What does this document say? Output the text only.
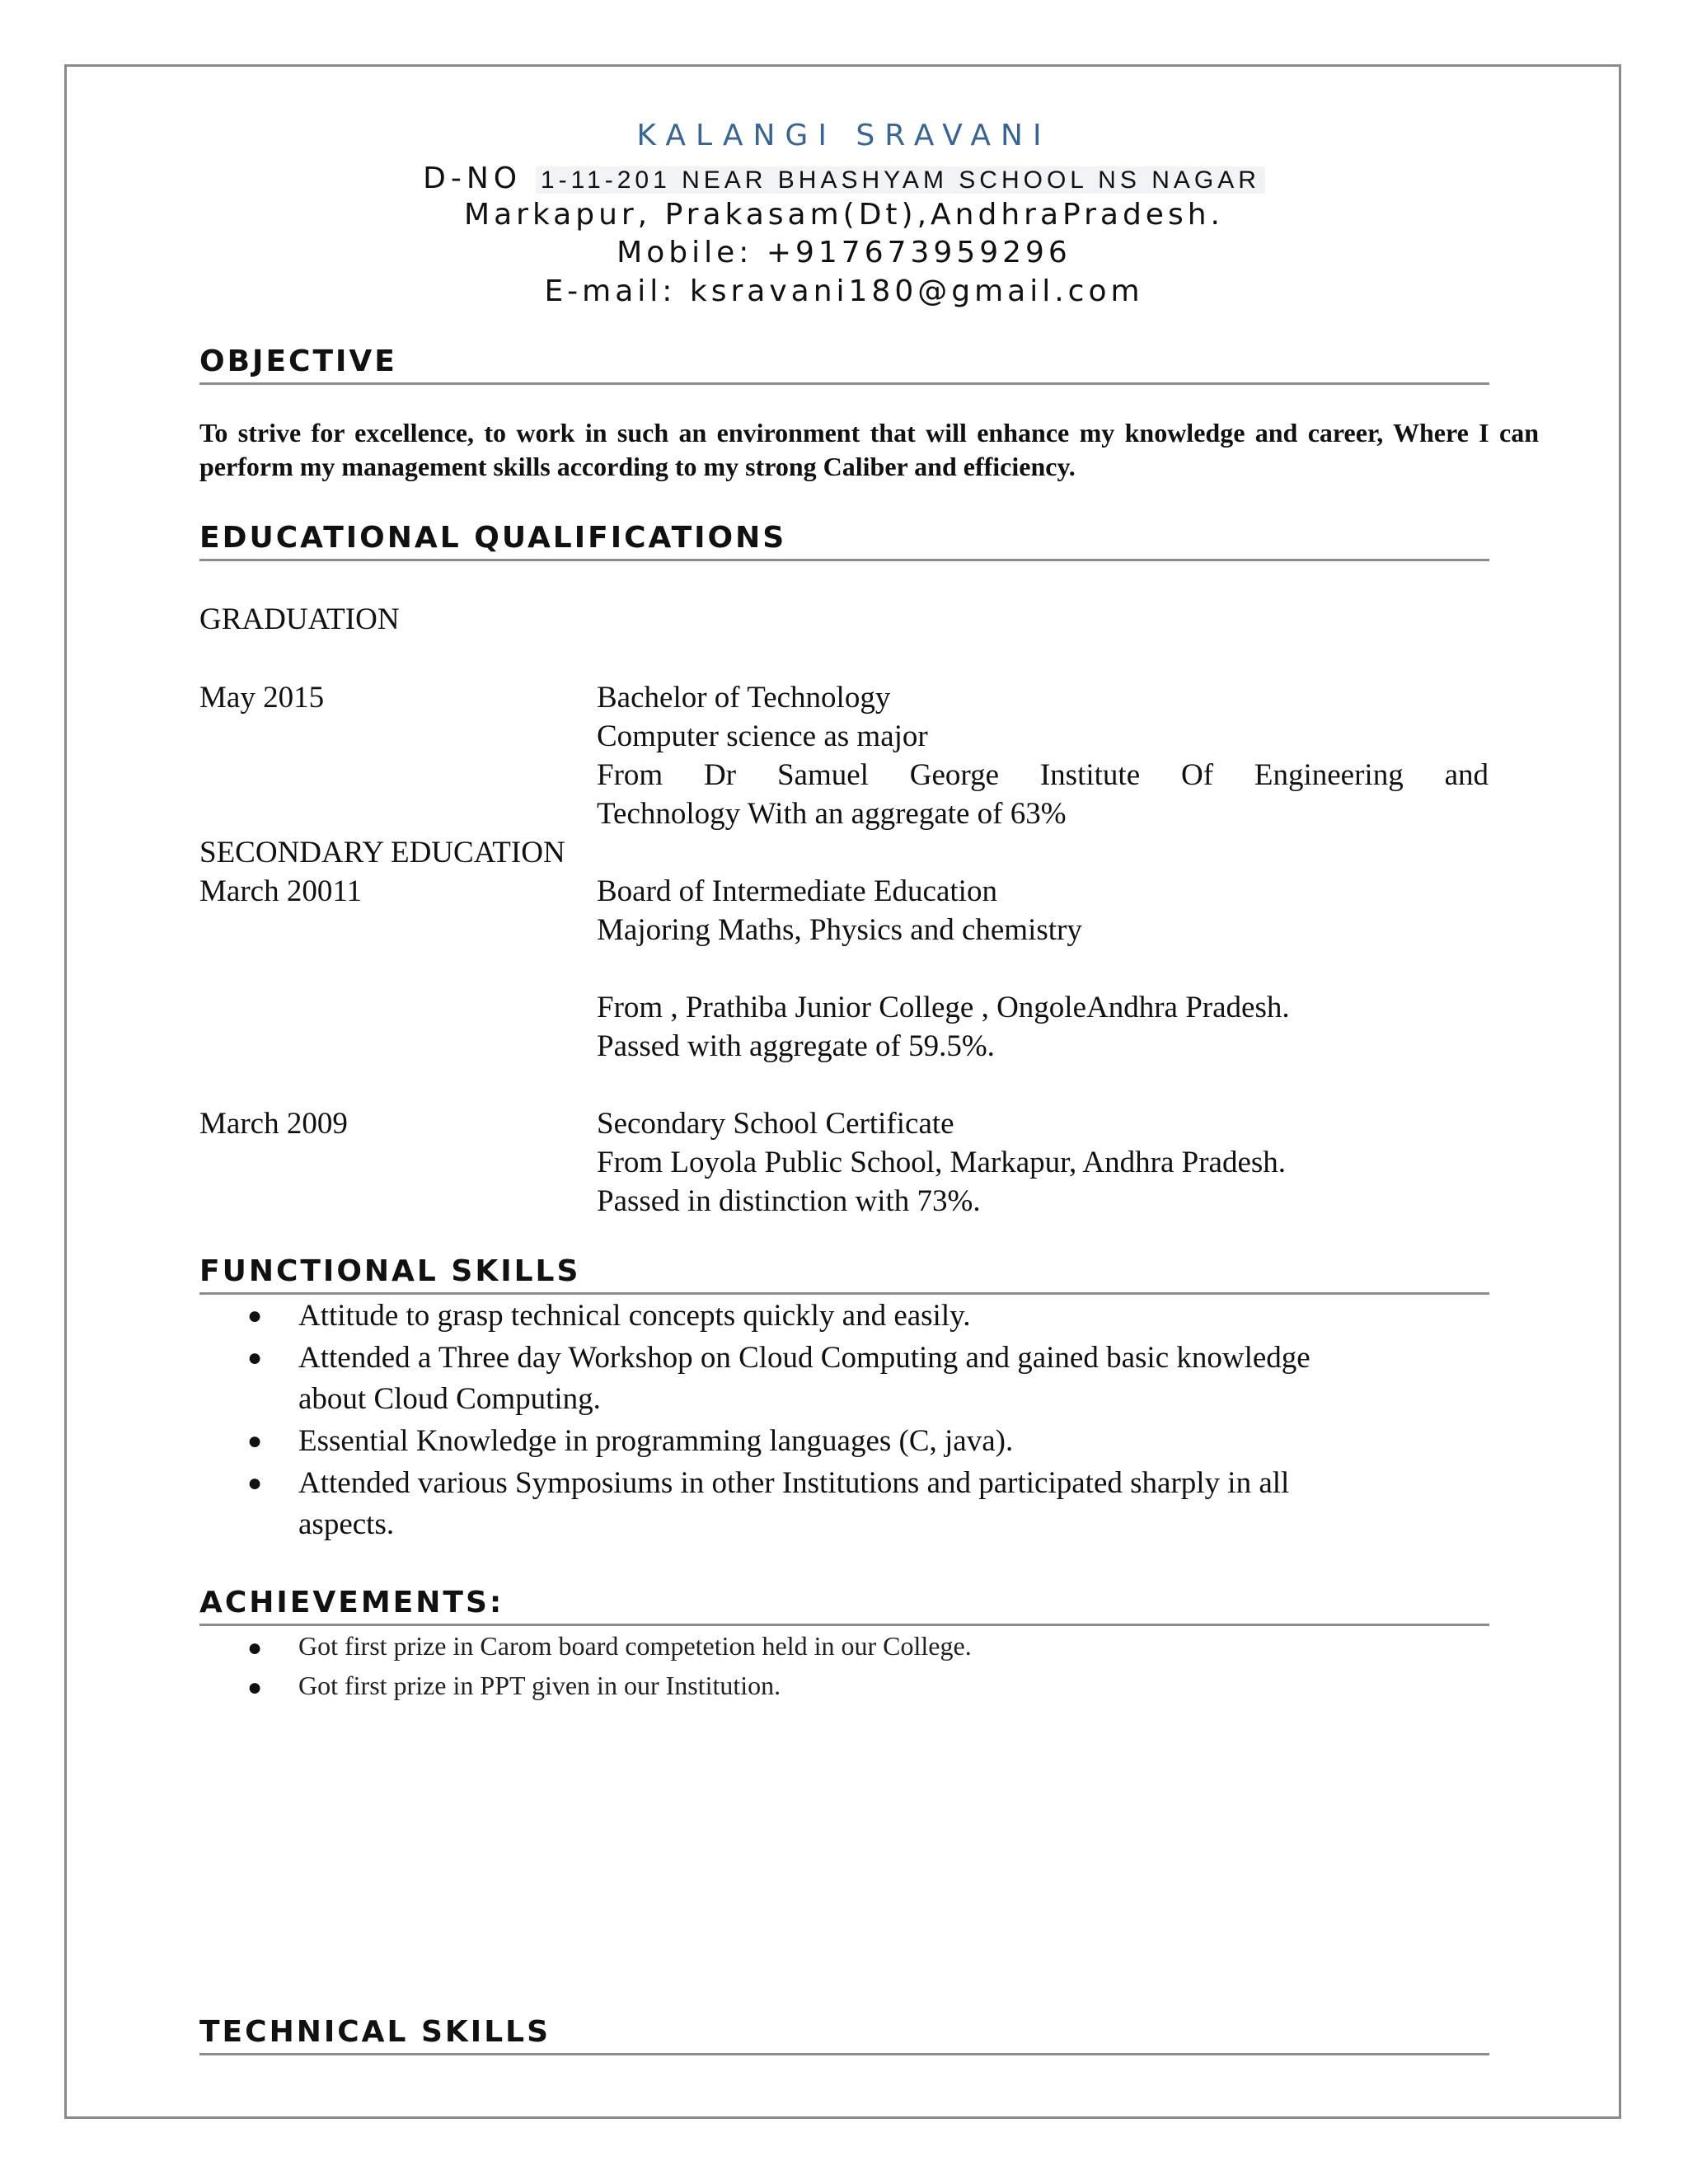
KALANGI SRAVANI
D-NO 1-11-201 NEAR BHASHYAM SCHOOL NS NAGAR
Markapur, Prakasam(Dt),AndhraPradesh.
Mobile: +917673959296
E-mail: ksravani180@gmail.com
OBJECTIVE
To strive for excellence, to work in such an environment that will enhance my knowledge and career, Where I can perform my management skills according to my strong Caliber and efficiency.
EDUCATIONAL QUALIFICATIONS
GRADUATION
May 2015	Bachelor of Technology
Computer science as major
From Dr Samuel George Institute Of Engineering and
Technology With an aggregate of 63%
SECONDARY EDUCATION
March 20011	Board of Intermediate Education
Majoring Maths, Physics and chemistry
From , Prathiba Junior College , OngoleAndhra Pradesh.
Passed with aggregate of 59.5%.
March 2009	Secondary School Certificate
From Loyola Public School, Markapur, Andhra Pradesh.
Passed in distinction with 73%.
FUNCTIONAL SKILLS
● Attitude to grasp technical concepts quickly and easily.
● Attended a Three day Workshop on Cloud Computing and gained basic knowledge
about Cloud Computing.
● Essential Knowledge in programming languages (C, java).
● Attended various Symposiums in other Institutions and participated sharply in all
aspects.
ACHIEVEMENTS:
● Got first prize in Carom board competetion held in our College.
● Got first prize in PPT given in our Institution.
TECHNICAL SKILLS
